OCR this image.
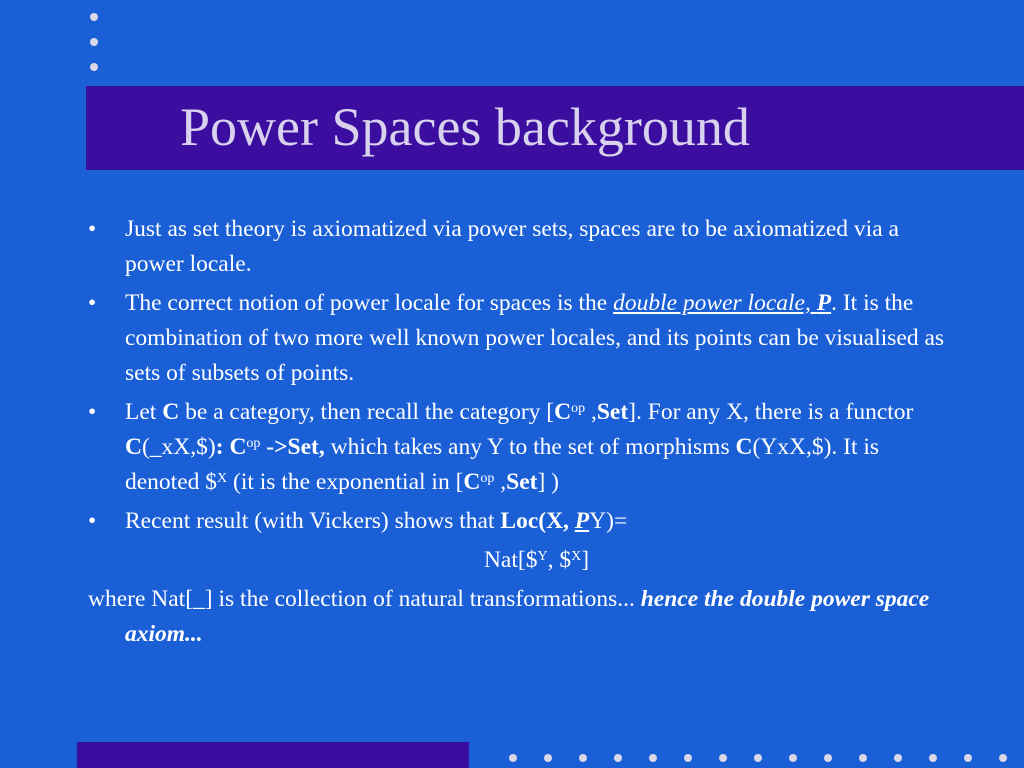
Power Spaces background
• Just as set theory is axiomatized via power sets, spaces are to be axiomatized via a power locale.
• The correct notion of power locale for spaces is the double power locale, P. It is the combination of two more well known power locales, and its points can be visualised as sets of subsets of points.
• Let C be a category, then recall the category [$C^{op}$ ,Set]. For any X, there is a functor C(_xX,$): $C^{op}$ ->Set, which takes any Y to the set of morphisms C(YxX,$). It is denoted \$$^X$ (it is the exponential in [$C^{op}$ ,Set] )
• Recent result (with Vickers) shows that Loc(X, PY)=
Nat[\$$^Y$, \$$^X$]
where Nat[_] is the collection of natural transformations... hence the double power space axiom...
